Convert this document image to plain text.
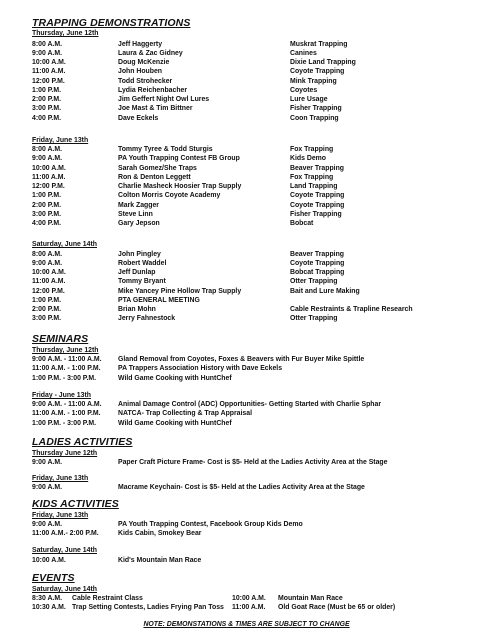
TRAPPING DEMONSTRATIONS
Thursday, June 12th
8:00 A.M.	Jeff Haggerty	Muskrat Trapping
9:00 A.M.	Laura & Zac Gidney	Canines
10:00 A.M.	Doug McKenzie	Dixie Land Trapping
11:00 A.M.	John Houben	Coyote Trapping
12:00 P.M.	Todd Strohecker	Mink Trapping
1:00 P.M.	Lydia Reichenbacher	Coyotes
2:00 P.M.	Jim Geffert Night Owl Lures	Lure Usage
3:00 P.M.	Joe Mast & Tim Bittner	Fisher Trapping
4:00 P.M.	Dave Eckels	Coon Trapping
Friday, June 13th
8:00 A.M.	Tommy Tyree & Todd Sturgis	Fox Trapping
9:00 A.M.	PA Youth Trapping Contest FB Group	Kids Demo
10:00 A.M.	Sarah Gomez/She Traps	Beaver Trapping
11:00 A.M.	Ron & Denton Leggett	Fox Trapping
12:00 P.M.	Charlie Masheck Hoosier Trap Supply	Land Trapping
1:00 P.M.	Colton Morris Coyote Academy	Coyote Trapping
2:00 P.M.	Mark Zagger	Coyote Trapping
3:00 P.M.	Steve Linn	Fisher Trapping
4:00 P.M.	Gary Jepson	Bobcat
Saturday, June 14th
8:00 A.M.	John Pingley	Beaver Trapping
9:00 A.M.	Robert Waddel	Coyote Trapping
10:00 A.M.	Jeff Dunlap	Bobcat Trapping
11:00 A.M.	Tommy Bryant	Otter Trapping
12:00 P.M.	Mike Yancey Pine Hollow Trap Supply	Bait and Lure Making
1:00 P.M.	PTA GENERAL MEETING
2:00 P.M.	Brian Mohn	Cable Restraints & Trapline Research
3:00 P.M.	Jerry Fahnestock	Otter Trapping
SEMINARS
Thursday, June 12th
9:00 A.M. - 11:00 A.M. Gland Removal from Coyotes, Foxes & Beavers with Fur Buyer Mike Spittle
11:00 A.M. - 1:00 P.M.	PA Trappers Association History with Dave Eckels
1:00 P.M. - 3:00 P.M.	Wild Game Cooking with HuntChef
Friday - June 13th
9:00 A.M. - 11:00 A.M. Animal Damage Control (ADC) Opportunities- Getting Started with Charlie Sphar
11:00 A.M. - 1:00 P.M.	NATCA- Trap Collecting & Trap Appraisal
1:00 P.M. - 3:00 P.M.	Wild Game Cooking with HuntChef
LADIES ACTIVITIES
Thursday June 12th
9:00 A.M.	Paper Craft Picture Frame- Cost is $5- Held at the Ladies Activity Area at the Stage
Friday, June 13th
9:00 A.M.	Macrame Keychain- Cost is $5- Held at the Ladies Activity Area at the Stage
KIDS ACTIVITIES
Friday, June 13th
9:00 A.M.	PA Youth Trapping Contest, Facebook Group Kids Demo
11:00 A.M.- 2:00 P.M.	Kids Cabin, Smokey Bear
Saturday, June 14th
10:00 A.M.	Kid's Mountain Man Race
EVENTS
Saturday, June 14th
8:30 A.M. Cable Restraint Class	10:00 A.M. Mountain Man Race
10:30 A.M. Trap Setting Contests, Ladies Frying Pan Toss 11:00 A.M. Old Goat Race (Must be 65 or older)
NOTE: DEMONSTATIONS & TIMES ARE SUBJECT TO CHANGE
